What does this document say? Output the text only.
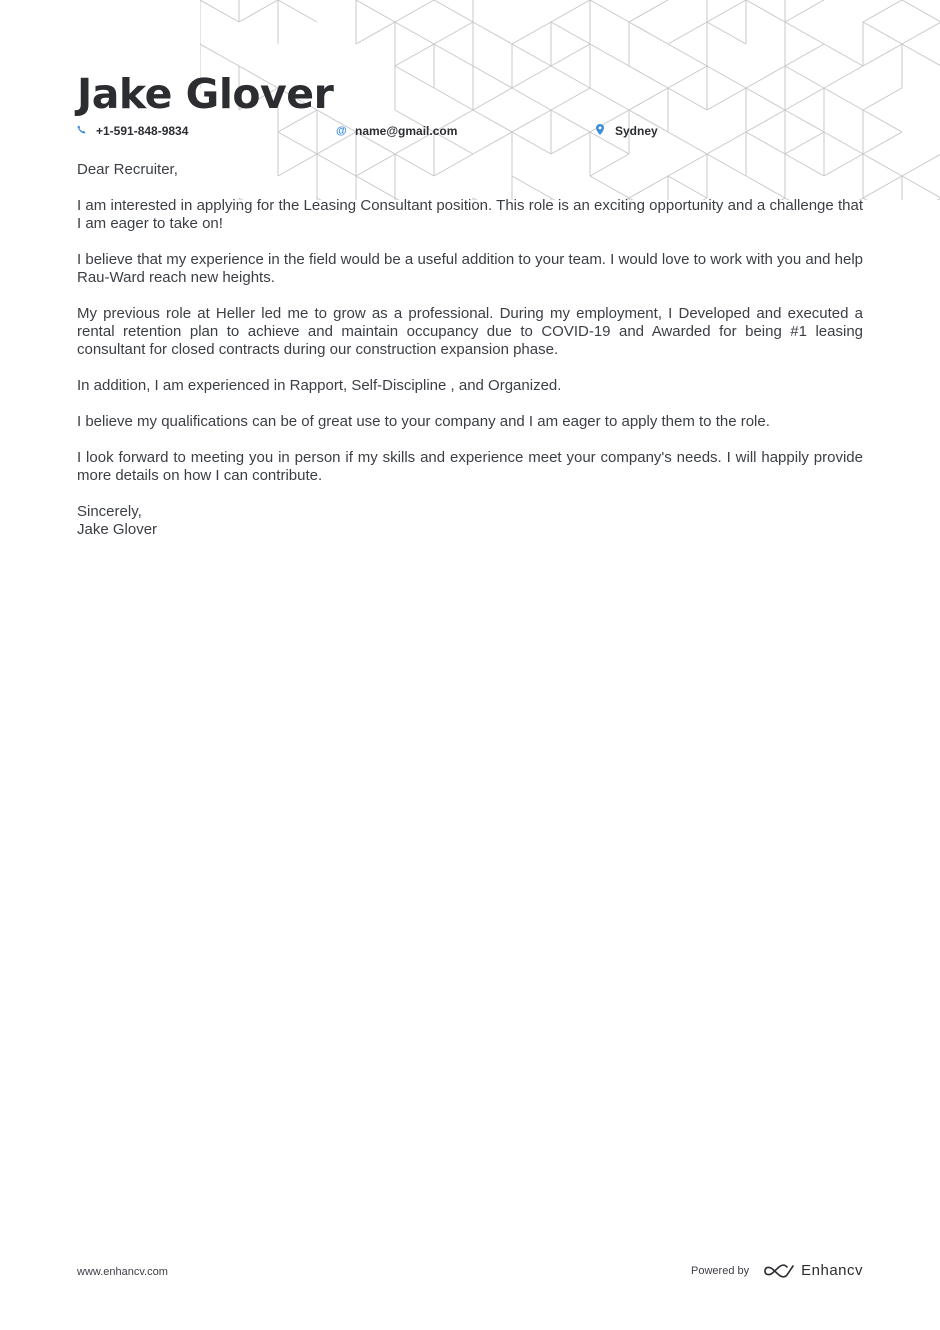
Jake Glover
+1-591-848-9834	@ name@gmail.com	Sydney

Dear Recruiter,

I am interested in applying for the Leasing Consultant position. This role is an exciting opportunity and a challenge that I am eager to take on!

I believe that my experience in the field would be a useful addition to your team. I would love to work with you and help Rau-Ward reach new heights.

My previous role at Heller led me to grow as a professional. During my employment, I Developed and executed a rental retention plan to achieve and maintain occupancy due to COVID-19 and Awarded for being #1 leasing consultant for closed contracts during our construction expansion phase.

In addition, I am experienced in Rapport, Self-Discipline , and Organized.

I believe my qualifications can be of great use to your company and I am eager to apply them to the role.

I look forward to meeting you in person if my skills and experience meet your company's needs. I will happily provide more details on how I can contribute.

Sincerely,
Jake Glover
www.enhancv.com	Powered by	Enhancv
